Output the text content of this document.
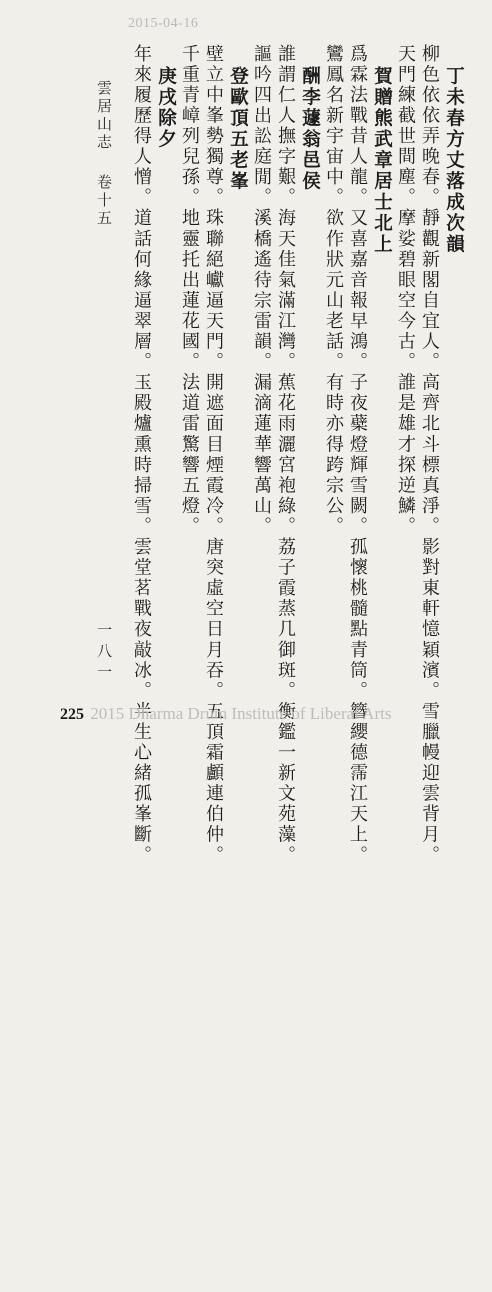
2015-04-16
丁未春方丈落成次韻
柳色依依弄晚春。靜觀新閣自宜人。高齊北斗標真淨。影對東軒憶穎濱。雪臘幔迎雲背月。
天門練截世間塵。摩娑碧眼空今古。誰是雄才探逆鱗。
賀贈熊武章居士北上
爲霖法戰昔人龍。又喜嘉音報早鴻。子夜蘗燈輝雪闕。孤懷桃髓點青筒。簪纓德霈江天上。
鸞鳳名新宇宙中。欲作狀元山老話。有時亦得跨宗公。
酬李蘧翁邑侯
誰謂仁人撫字艱。海天佳氣滿江灣。蕉花雨灑宮袍綠。荔子霞蒸几御斑。衡鑑一新文苑藻。
謳吟四出訟庭閒。溪橋遙待宗雷韻。漏滴蓮華響萬山。
登歐頂五老峯
壁立中峯勢獨尊。珠聯絕巘逼天門。開遮面目煙霞冷。唐突虛空日月吞。五頂霜顱連伯仲。
千重青嶂列兒孫。地靈托出蓮花國。法道雷驚響五燈。
庚戌除夕
年來履歷得人憎。道話何緣逼翠層。玉殿爐熏時掃雪。雲堂茗戰夜敲冰。半生心緒孤峯斷。
雲居山志卷十五
一八一
225 2015 Dharma Drum Institute of Liberal Arts
